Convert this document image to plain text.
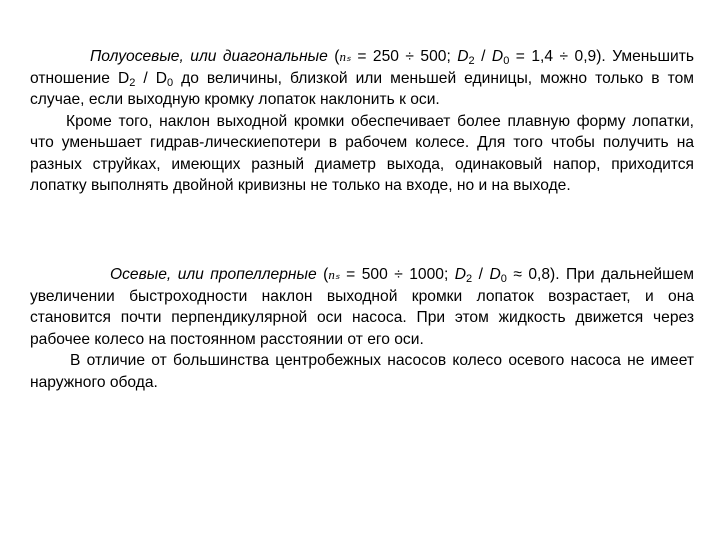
Полуосевые, или диагональные (nₛ = 250 ÷ 500; $D_2 / D_0 = 1,4 \div 0,9$). Уменьшить отношение $D_2 / D_0$ до величины, близкой или меньшей единицы, можно только в том случае, если выходную кромку лопаток наклонить к оси.

Кроме того, наклон выходной кромки обеспечивает более плавную форму лопатки, что уменьшает гидрав-лическиепотери в рабочем колесе. Для того чтобы получить на разных струйках, имеющих разный диаметр выхода, одинаковый напор, приходится лопатку выполнять двойной кривизны не только на входе, но и на выходе.

Осевые, или пропеллерные (nₛ = 500 ÷ 1000; $D_2 / D_0 \approx 0,8$). При дальнейшем увеличении быстроходности наклон выходной кромки лопаток возрастает, и она становится почти перпендикулярной оси насоса. При этом жидкость движется через рабочее колесо на постоянном расстоянии от его оси.

В отличие от большинства центробежных насосов колесо осевого насоса не имеет наружного обода.
